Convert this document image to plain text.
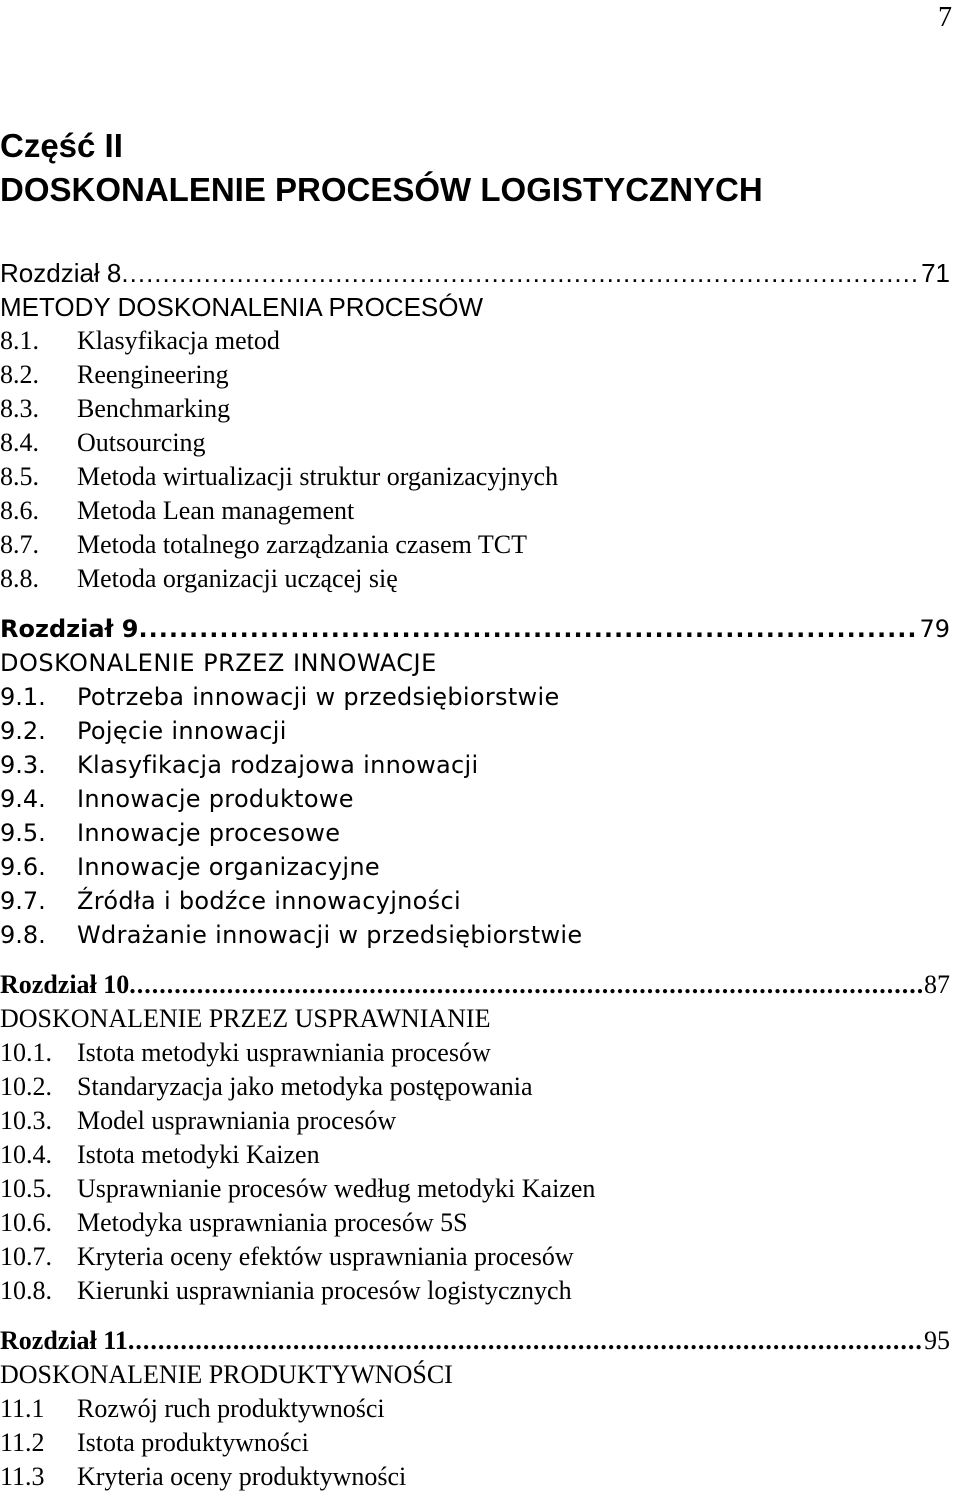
7
Część II
DOSKONALENIE PROCESÓW LOGISTYCZNYCH
Rozdział 8 .....	71
METODY DOSKONALENIA PROCESÓW
8.1.	Klasyfikacja metod
8.2.	Reengineering
8.3.	Benchmarking
8.4.	Outsourcing
8.5.	Metoda wirtualizacji struktur organizacyjnych
8.6.	Metoda Lean management
8.7.	Metoda totalnego zarządzania czasem TCT
8.8.	Metoda organizacji uczącej się
Rozdział 9 .....	79
DOSKONALENIE PRZEZ INNOWACJE
9.1.	Potrzeba innowacji w przedsiębiorstwie
9.2.	Pojęcie innowacji
9.3.	Klasyfikacja rodzajowa innowacji
9.4.	Innowacje produktowe
9.5.	Innowacje procesowe
9.6.	Innowacje organizacyjne
9.7.	Źródła i bodźce innowacyjności
9.8.	Wdrażanie innowacji w przedsiębiorstwie
Rozdział 10 .....	87
DOSKONALENIE PRZEZ USPRAWNIANIE
10.1. Istota metodyki usprawniania procesów
10.2. Standaryzacja jako metodyka postępowania
10.3. Model usprawniania procesów
10.4. Istota metodyki Kaizen
10.5. Usprawnianie procesów według metodyki Kaizen
10.6. Metodyka usprawniania procesów 5S
10.7. Kryteria oceny efektów usprawniania procesów
10.8. Kierunki usprawniania procesów logistycznych
Rozdział 11 .....	95
DOSKONALENIE PRODUKTYWNOŚCI
11.1	Rozwój ruch produktywności
11.2	Istota produktywności
11.3	Kryteria oceny produktywności
